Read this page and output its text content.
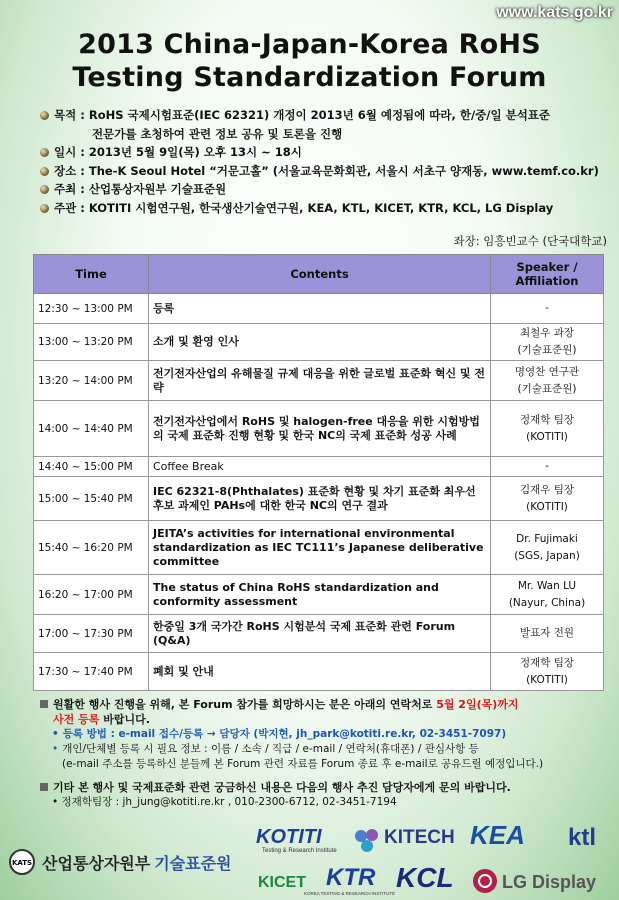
www.kats.go.kr
2013 China-Japan-Korea RoHS
Testing Standardization Forum
목적 : RoHS 국제시험표준(IEC 62321) 개정이 2013년 6월 예정됨에 따라, 한/중/일 분석표준
전문가를 초청하여 관련 정보 공유 및 토론을 진행
일시 : 2013년 5월 9일(목) 오후 13시 ~ 18시
장소 : The-K Seoul Hotel “거문고홀” (서울교육문화회관, 서울시 서초구 양재동, www.temf.co.kr)
주최 : 산업통상자원부 기술표준원
주관 : KOTITI 시험연구원, 한국생산기술연구원, KEA, KTL, KICET, KTR, KCL, LG Display
좌장: 임흥빈교수 (단국대학교)
Time	Contents	Speaker / Affiliation
12:30 ~ 13:00 PM	등록	-

13:00 ~ 13:20 PM	소개 및 환영 인사	최철우 과장
(기술표준원)

13:20 ~ 14:00 PM	전기전자산업의 유해물질 규제 대응을 위한 글로벌 표준화 혁신 및 전략	명영찬 연구관
(기술표준원)

14:00 ~ 14:40 PM	전기전자산업에서 RoHS 및 halogen-free 대응을 위한 시험방법의 국제 표준화 진행 현황 및 한국 NC의 국제 표준화 성공 사례	정재학 팀장
(KOTITI)

14:40 ~ 15:00 PM	Coffee Break	-

15:00 ~ 15:40 PM	IEC 62321-8(Phthalates) 표준화 현황 및 차기 표준화 최우선 후보 과제인 PAHs에 대한 한국 NC의 연구 결과	김재우 팀장
(KOTITI)

15:40 ~ 16:20 PM	JEITA’s activities for international environmental standardization as IEC TC111’s Japanese deliberative committee	Dr. Fujimaki
(SGS, Japan)

16:20 ~ 17:00 PM	The status of China RoHS standardization and conformity assessment	Mr. Wan LU
(Nayur, China)

17:00 ~ 17:30 PM	한중일 3개 국가간 RoHS 시험분석 국제 표준화 관련 Forum (Q&A)	발표자 전원

17:30 ~ 17:40 PM	폐회 및 안내	정재학 팀장
(KOTITI)
원활한 행사 진행을 위해, 본 Forum 참가를 희망하시는 분은 아래의 연락처로 5월 2일(목)까지
사전 등록 바랍니다.
• 등록 방법 : e-mail 접수/등록 → 담당자 (박지현, jh_park@kotiti.re.kr, 02-3451-7097)
• 개인/단체별 등록 시 필요 정보 : 이름 / 소속 / 직급 / e-mail / 연락처(휴대폰) / 관심사항 등
(e-mail 주소를 등록하신 분들께 본 Forum 관련 자료를 Forum 종료 후 e-mail로 공유드릴 예정입니다.)
기타 본 행사 및 국제표준화 관련 궁금하신 내용은 다음의 행사 추진 담당자에게 문의 바랍니다.
• 정재학팀장 : jh_jung@kotiti.re.kr , 010-2300-6712, 02-3451-7194
KATS 산업통상자원부 기술표준원
KOTITI
Testing & Research Institute
KITECH KEA ktl
KICET KTR
KOREA TESTING & RESEARCH INSTITUTE
KCL	LG Display
